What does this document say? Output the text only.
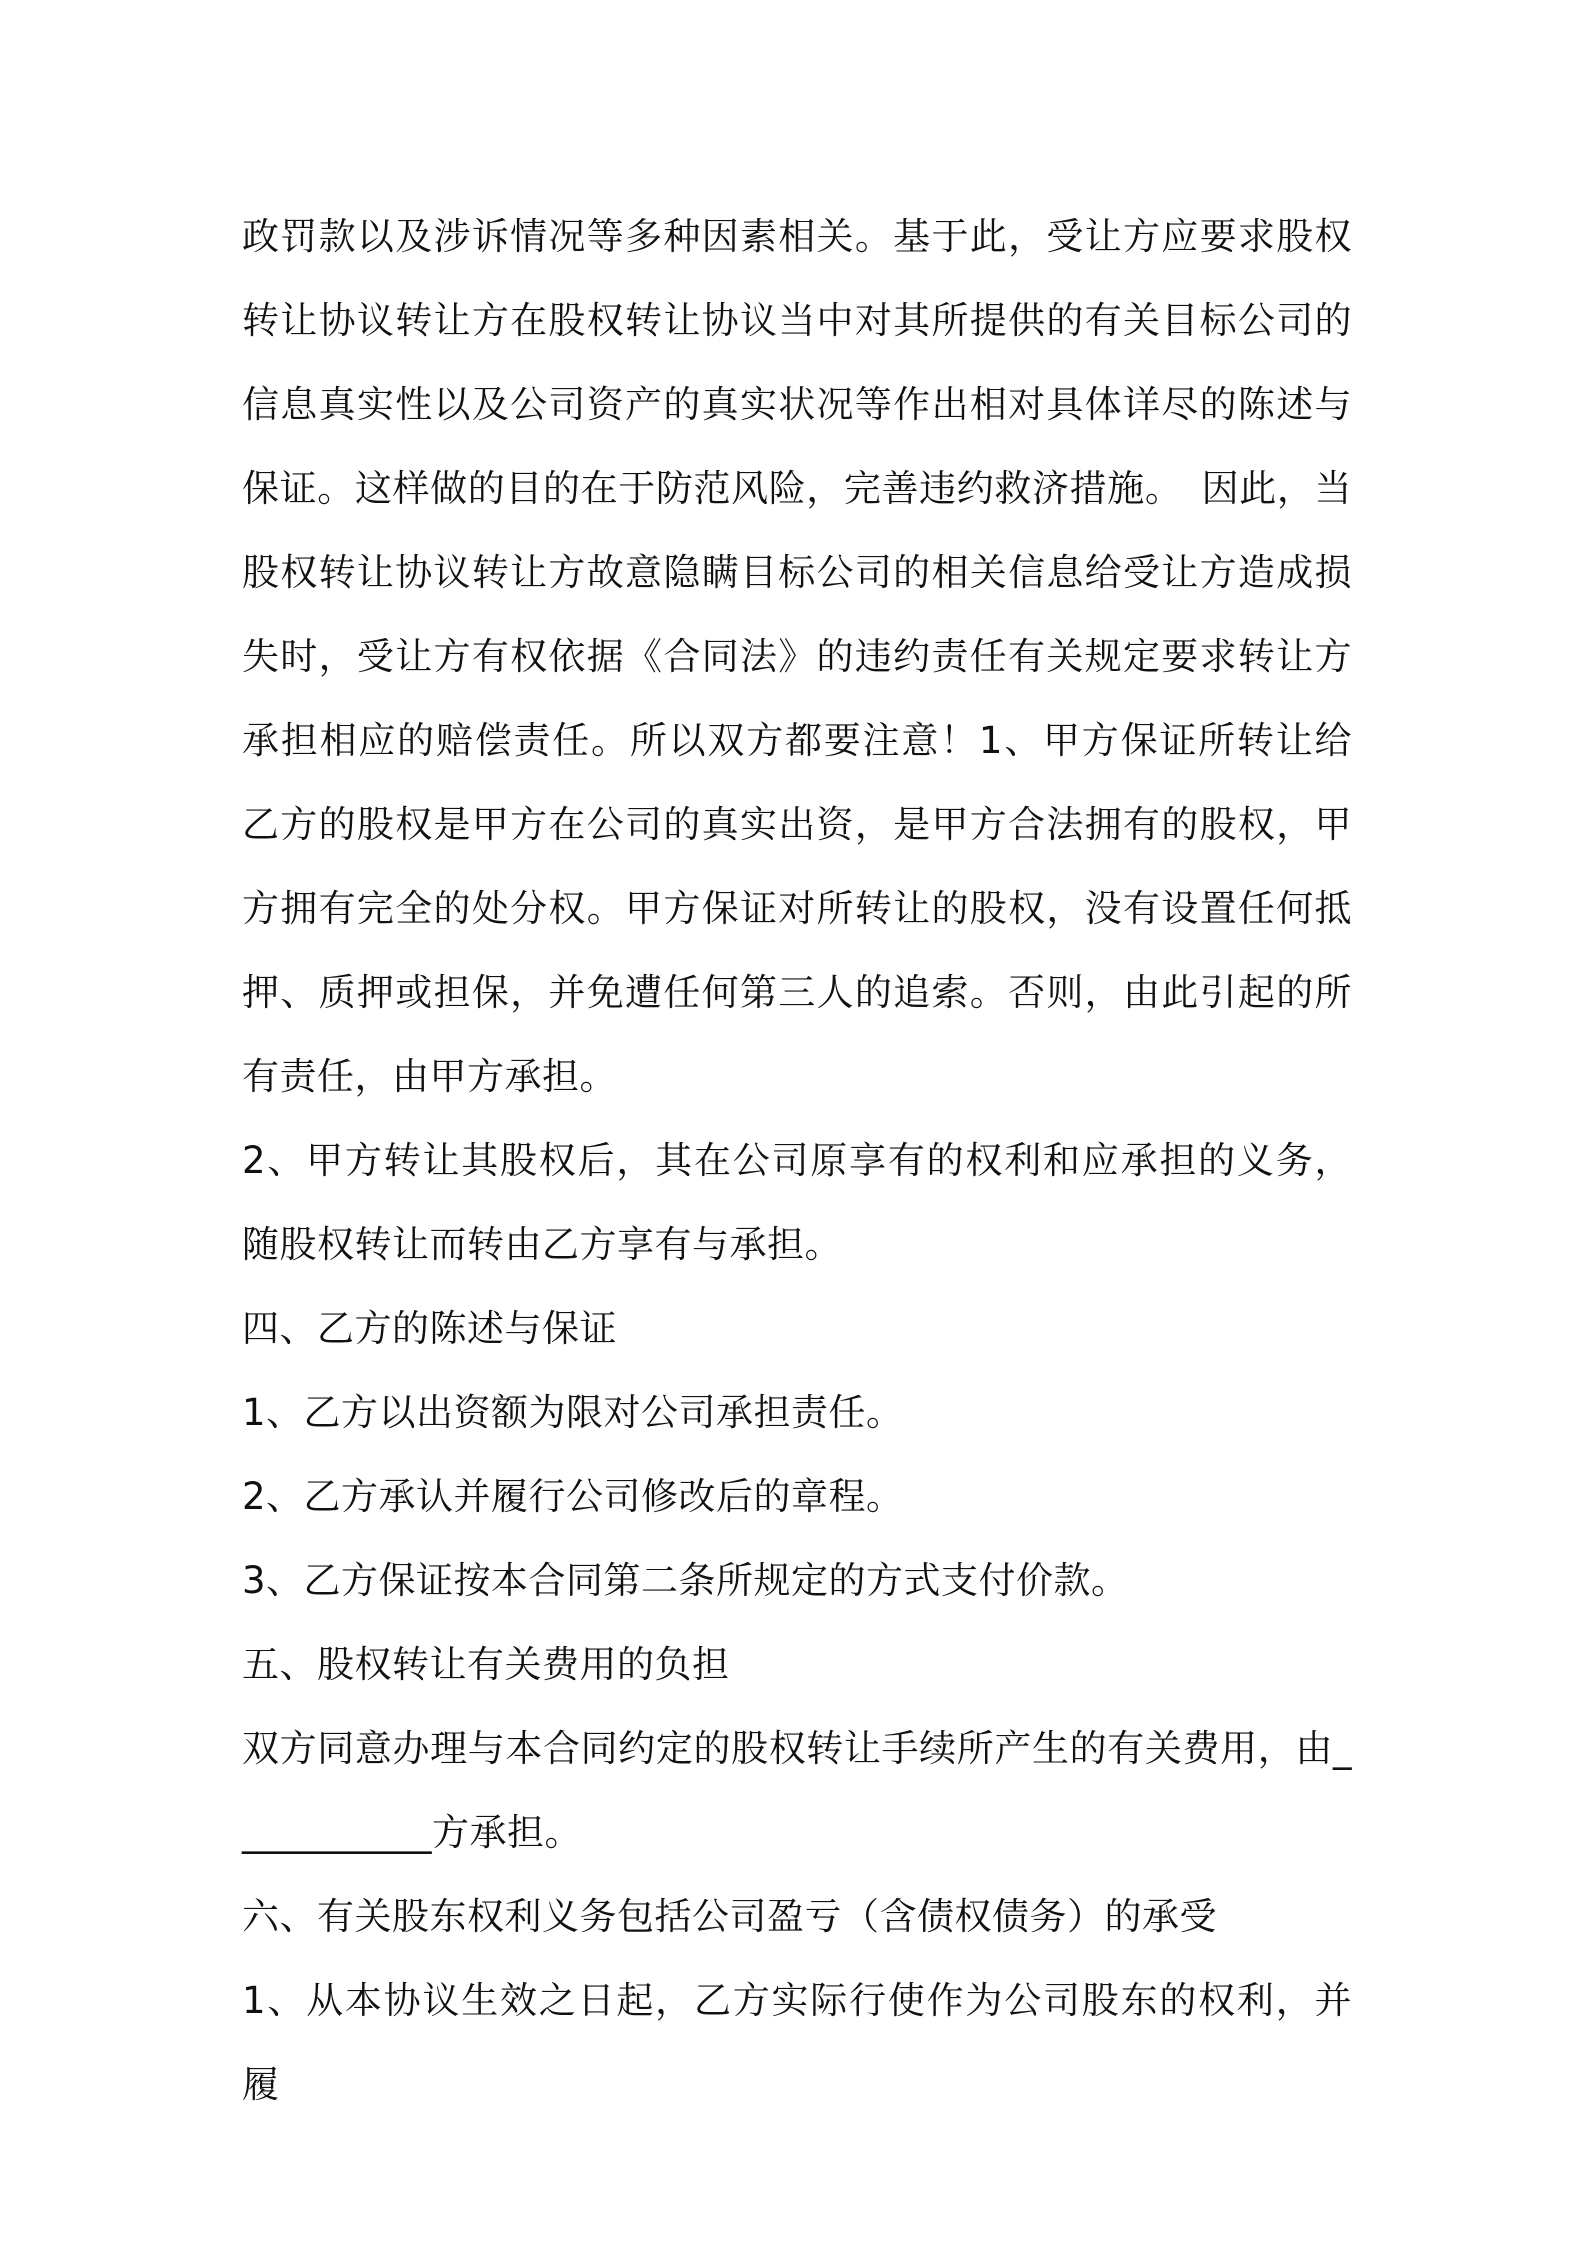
政罚款以及涉诉情况等多种因素相关。基于此，受让方应要求股权转让协议转让方在股权转让协议当中对其所提供的有关目标公司的信息真实性以及公司资产的真实状况等作出相对具体详尽的陈述与保证。这样做的目的在于防范风险，完善违约救济措施。　因此，当股权转让协议转让方故意隐瞒目标公司的相关信息给受让方造成损失时，受让方有权依据《合同法》的违约责任有关规定要求转让方承担相应的赔偿责任。所以双方都要注意！1、甲方保证所转让给乙方的股权是甲方在公司的真实出资，是甲方合法拥有的股权，甲方拥有完全的处分权。甲方保证对所转让的股权，没有设置任何抵押、质押或担保，并免遭任何第三人的追索。否则，由此引起的所有责任，由甲方承担。

2、甲方转让其股权后，其在公司原享有的权利和应承担的义务，随股权转让而转由乙方享有与承担。

四、乙方的陈述与保证

1、乙方以出资额为限对公司承担责任。

2、乙方承认并履行公司修改后的章程。

3、乙方保证按本合同第二条所规定的方式支付价款。

五、股权转让有关费用的负担

双方同意办理与本合同约定的股权转让手续所产生的有关费用，由___________方承担。

六、有关股东权利义务包括公司盈亏（含债权债务）的承受

1、从本协议生效之日起，乙方实际行使作为公司股东的权利，并履
